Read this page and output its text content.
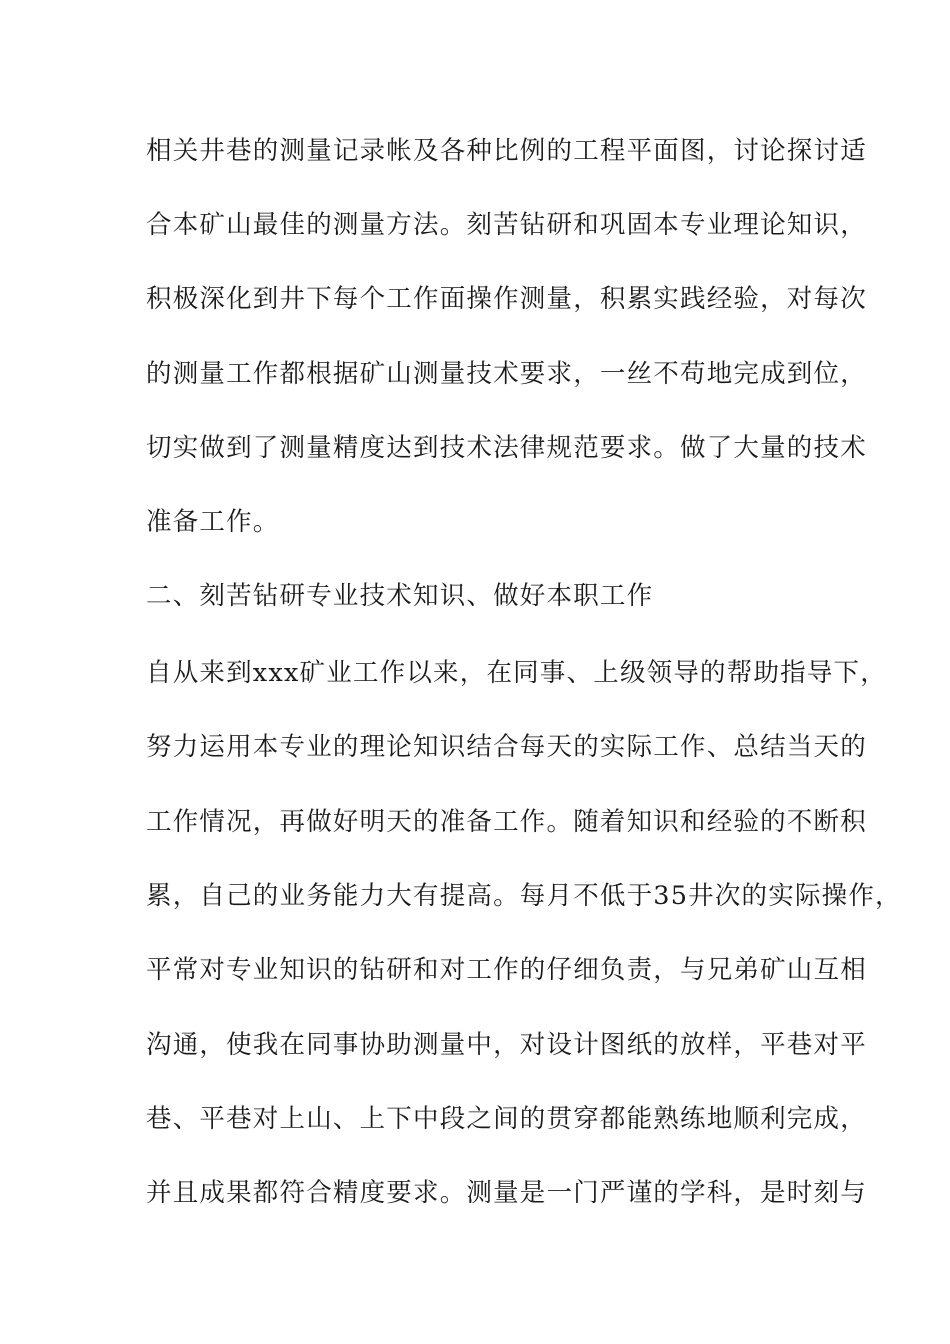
相关井巷的测量记录帐及各种比例的工程平面图，讨论探讨适
合本矿山最佳的测量方法。刻苦钻研和巩固本专业理论知识，
积极深化到井下每个工作面操作测量，积累实践经验，对每次
的测量工作都根据矿山测量技术要求，一丝不苟地完成到位，
切实做到了测量精度达到技术法律规范要求。做了大量的技术
准备工作。
二、刻苦钻研专业技术知识、做好本职工作
自从来到xxx矿业工作以来，在同事、上级领导的帮助指导下，
努力运用本专业的理论知识结合每天的实际工作、总结当天的
工作情况，再做好明天的准备工作。随着知识和经验的不断积
累，自己的业务能力大有提高。每月不低于35井次的实际操作，
平常对专业知识的钻研和对工作的仔细负责，与兄弟矿山互相
沟通，使我在同事协助测量中，对设计图纸的放样，平巷对平
巷、平巷对上山、上下中段之间的贯穿都能熟练地顺利完成，
并且成果都符合精度要求。测量是一门严谨的学科，是时刻与
